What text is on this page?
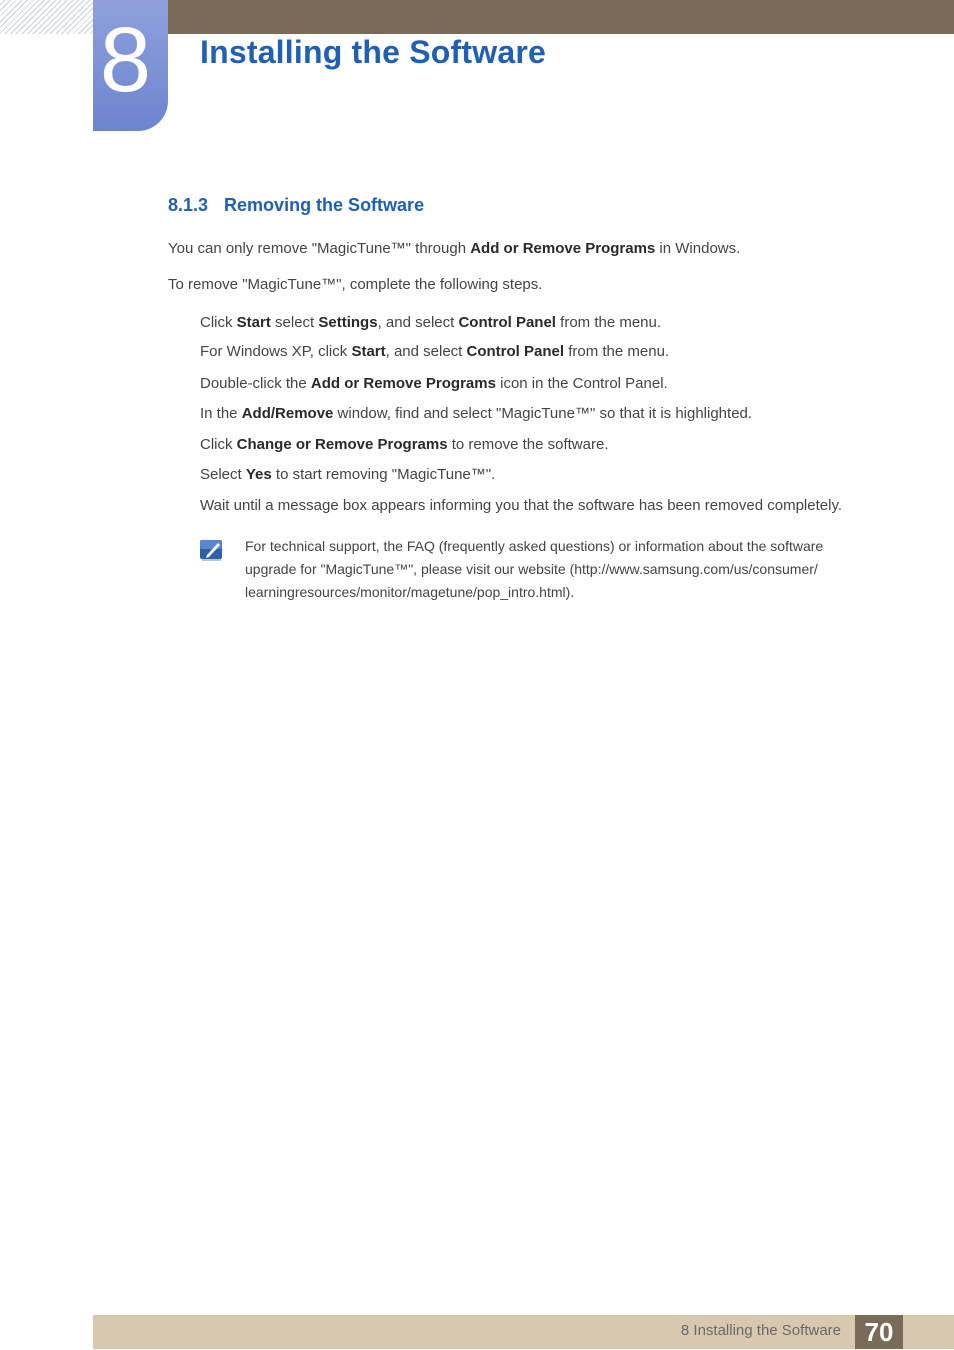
8 Installing the Software
8.1.3 Removing the Software
You can only remove "MagicTune™" through Add or Remove Programs in Windows.
To remove "MagicTune™", complete the following steps.
Click Start select Settings, and select Control Panel from the menu.
For Windows XP, click Start, and select Control Panel from the menu.
Double-click the Add or Remove Programs icon in the Control Panel.
In the Add/Remove window, find and select "MagicTune™" so that it is highlighted.
Click Change or Remove Programs to remove the software.
Select Yes to start removing "MagicTune™".
Wait until a message box appears informing you that the software has been removed completely.
For technical support, the FAQ (frequently asked questions) or information about the software
upgrade for "MagicTune™", please visit our website (http://www.samsung.com/us/consumer/
learningresources/monitor/magetune/pop_intro.html).
8 Installing the Software 70
